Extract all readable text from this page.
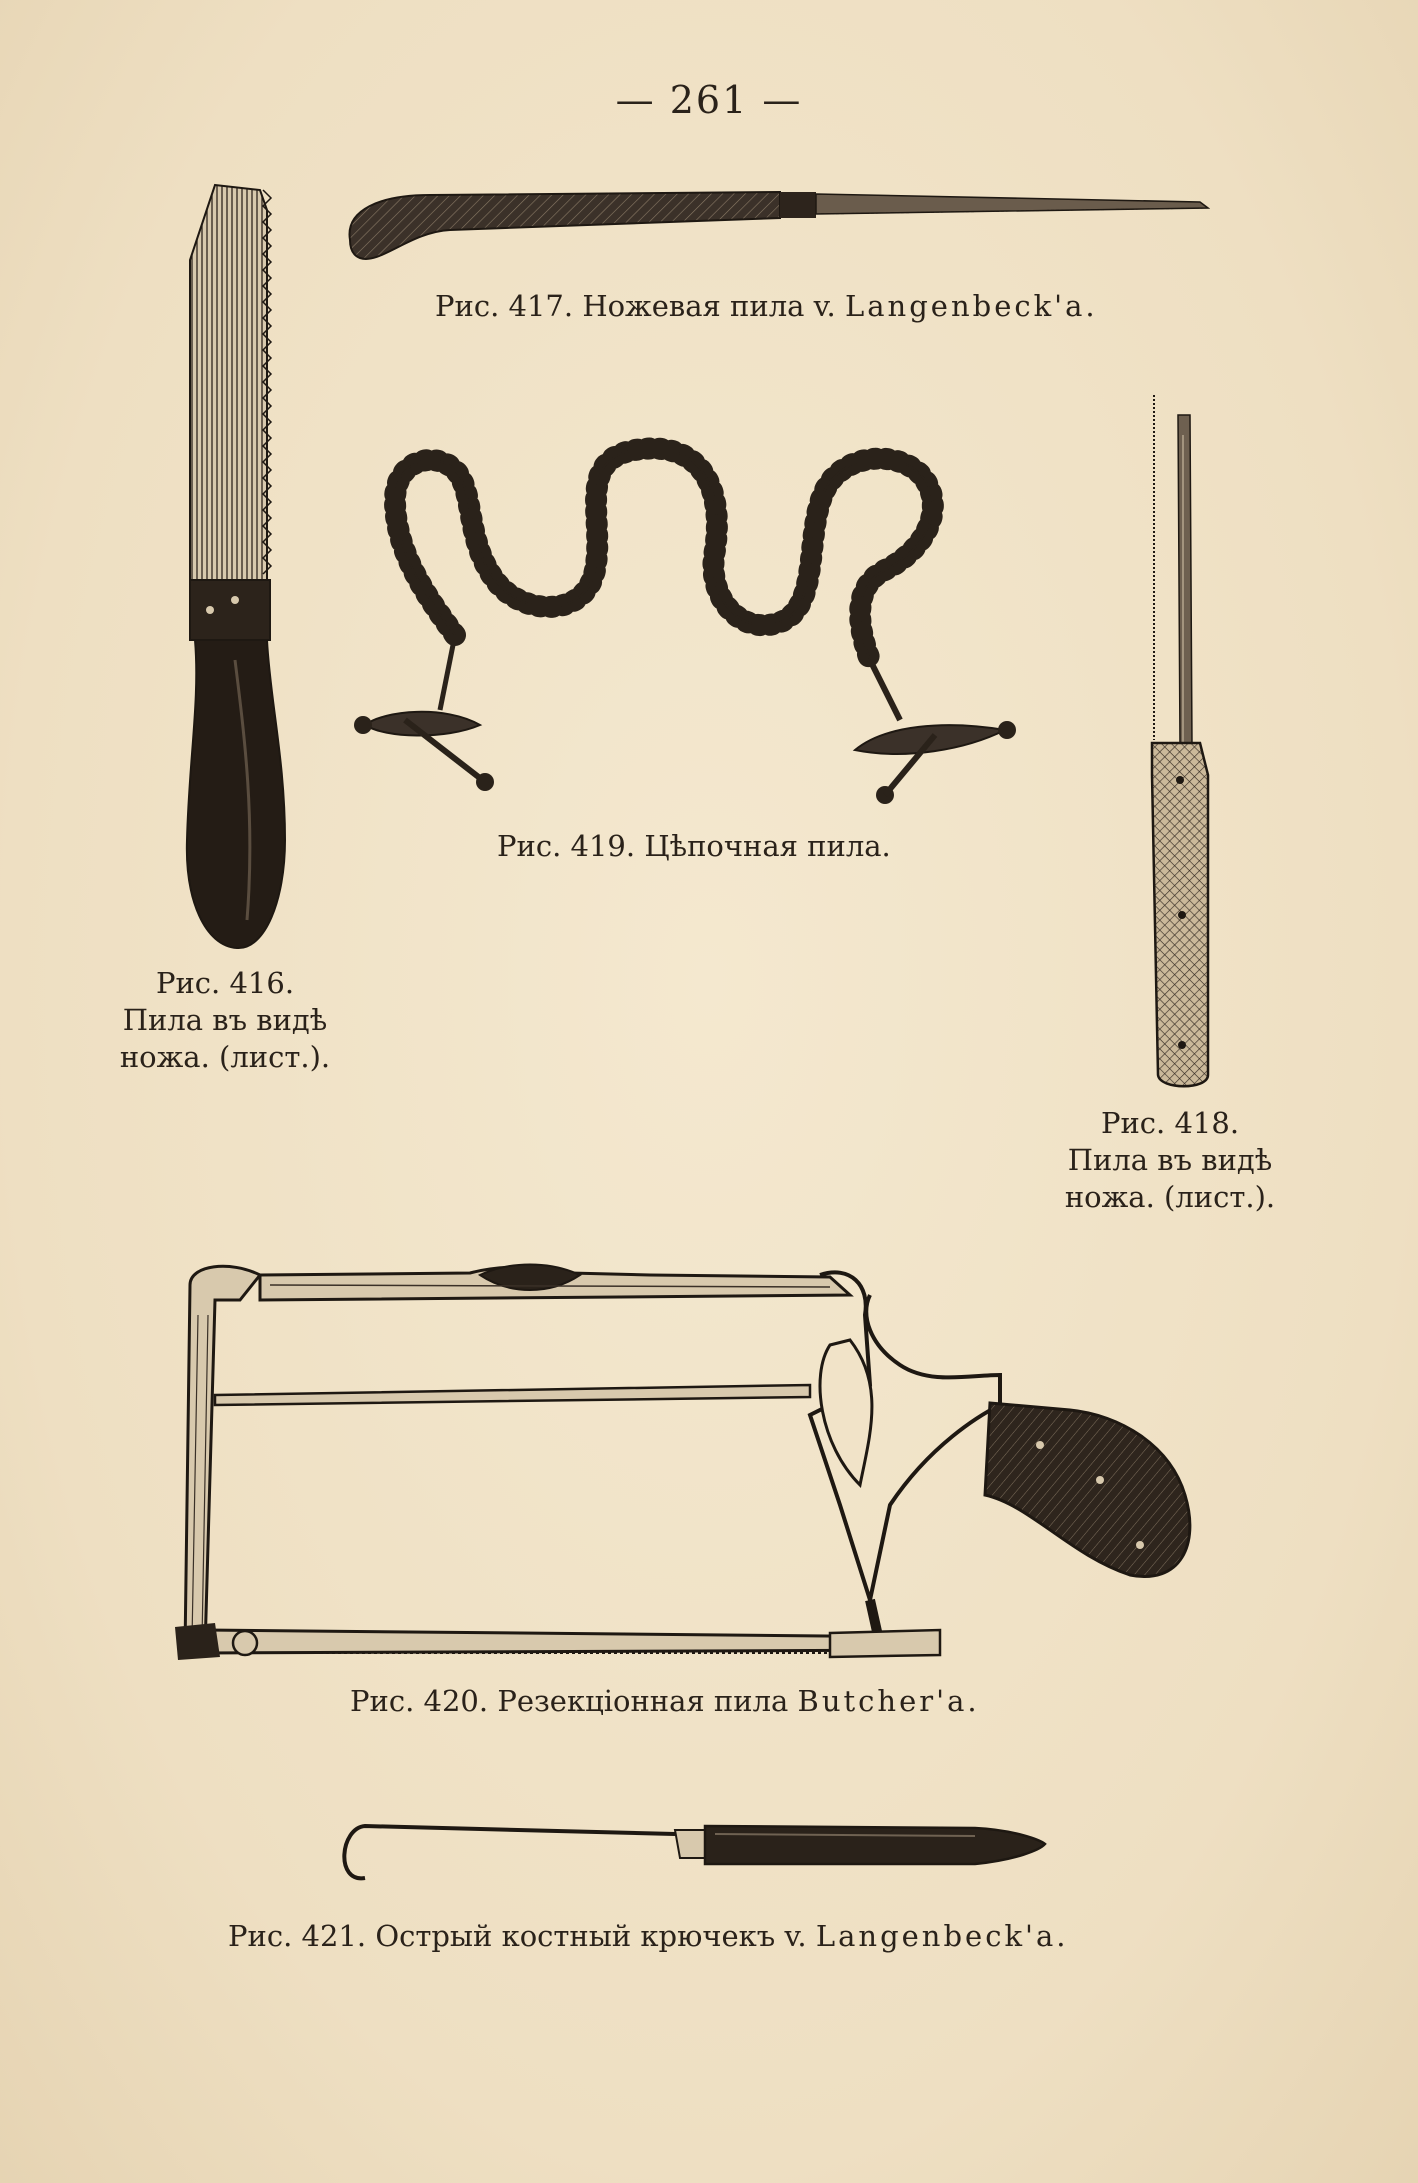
— 261 —
Рис. 417. Ножевая пила v. Langenbeck'a.
Рис. 416.
Пила въ видѣ
ножа. (лист.).
Рис. 419. Цѣпочная пила.
Рис. 418.
Пила въ видѣ
ножа. (лист.).
Рис. 420. Резекціонная пила Butcher'a.
Рис. 421. Острый костный крючекъ v. Langenbeck'a.
